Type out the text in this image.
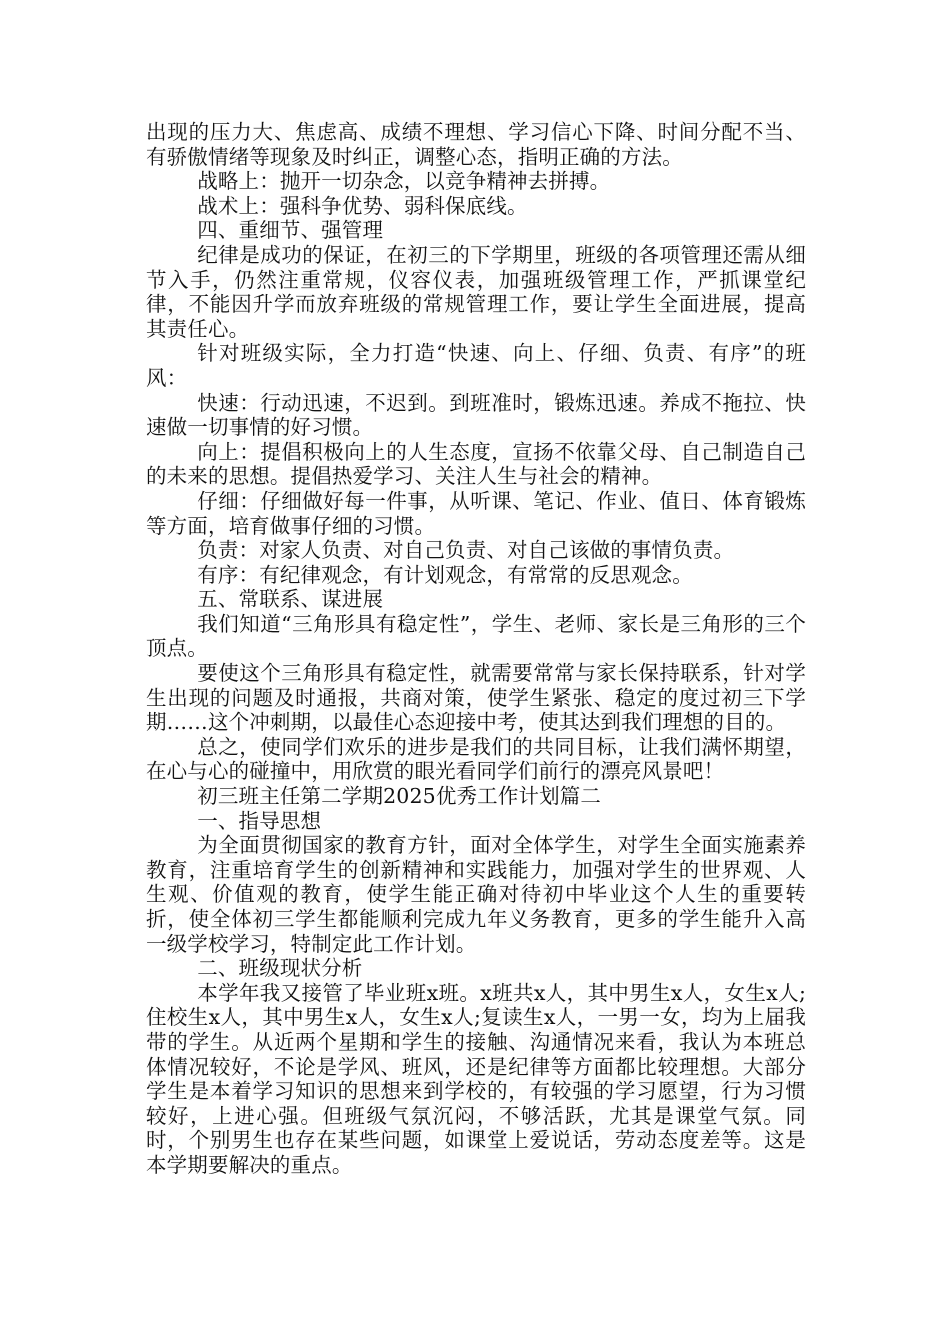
出现的压力大、焦虑高、成绩不理想、学习信心下降、时间分配不当、有骄傲情绪等现象及时纠正，调整心态，指明正确的方法。

战略上：抛开一切杂念，以竞争精神去拼搏。

战术上：强科争优势、弱科保底线。

四、重细节、强管理

纪律是成功的保证，在初三的下学期里，班级的各项管理还需从细节入手，仍然注重常规，仪容仪表，加强班级管理工作，严抓课堂纪律，不能因升学而放弃班级的常规管理工作，要让学生全面进展，提高其责任心。

针对班级实际，全力打造“快速、向上、仔细、负责、有序”的班风：

快速：行动迅速，不迟到。到班准时，锻炼迅速。养成不拖拉、快速做一切事情的好习惯。

向上：提倡积极向上的人生态度，宣扬不依靠父母、自己制造自己的未来的思想。提倡热爱学习、关注人生与社会的精神。

仔细：仔细做好每一件事，从听课、笔记、作业、值日、体育锻炼等方面，培育做事仔细的习惯。

负责：对家人负责、对自己负责、对自己该做的事情负责。

有序：有纪律观念，有计划观念，有常常的反思观念。

五、常联系、谋进展

我们知道“三角形具有稳定性”，学生、老师、家长是三角形的三个顶点。

要使这个三角形具有稳定性，就需要常常与家长保持联系，针对学生出现的问题及时通报，共商对策，使学生紧张、稳定的度过初三下学期……这个冲刺期，以最佳心态迎接中考，使其达到我们理想的目的。

总之，使同学们欢乐的进步是我们的共同目标，让我们满怀期望，在心与心的碰撞中，用欣赏的眼光看同学们前行的漂亮风景吧！

初三班主任第二学期2025优秀工作计划篇二

一、指导思想

为全面贯彻国家的教育方针，面对全体学生，对学生全面实施素养教育，注重培育学生的创新精神和实践能力，加强对学生的世界观、人生观、价值观的教育，使学生能正确对待初中毕业这个人生的重要转折，使全体初三学生都能顺利完成九年义务教育，更多的学生能升入高一级学校学习，特制定此工作计划。

二、班级现状分析

本学年我又接管了毕业班x班。x班共x人，其中男生x人，女生x人;住校生x人，其中男生x人，女生x人;复读生x人，一男一女，均为上届我带的学生。从近两个星期和学生的接触、沟通情况来看，我认为本班总体情况较好，不论是学风、班风，还是纪律等方面都比较理想。大部分学生是本着学习知识的思想来到学校的，有较强的学习愿望，行为习惯较好，上进心强。但班级气氛沉闷，不够活跃，尤其是课堂气氛。同时，个别男生也存在某些问题，如课堂上爱说话，劳动态度差等。这是本学期要解决的重点。
